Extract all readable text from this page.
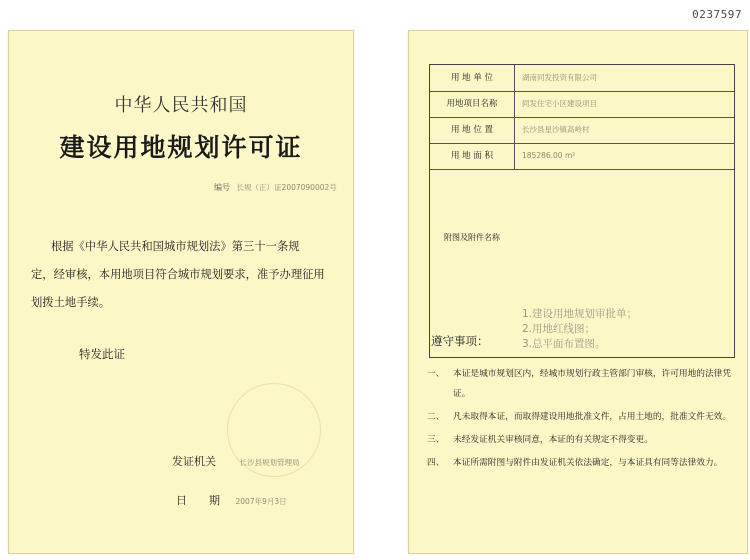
0237597
中华人民共和国
建设用地规划许可证
编号 长规（正）证2007090002号
根据《中华人民共和国城市规划法》第三十一条规
定，经审核，本用地项目符合城市规划要求，准予办理征用
划拨土地手续。
特发此证
发证机关	长沙县规划管理局
日　　期 2007年9月3日
用 地 单 位	湖南同发投资有限公司
用地项目名称	同发住宅小区建设项目
用 地 位 置	长沙县星沙镇高岭村
用 地 面 积	185286.00 m²
附图及附件名称
1.建设用地规划审批单；
2.用地红线图；
3.总平面布置图。
遵守事项：
一、 本证是城市规划区内，经城市规划行政主管部门审核，许可用地的法律凭证。
二、 凡未取得本证，而取得建设用地批准文件，占用土地的，批准文件无效。
三、 未经发证机关审核同意，本证的有关规定不得变更。
四、 本证所需附图与附件由发证机关依法确定，与本证具有同等法律效力。
